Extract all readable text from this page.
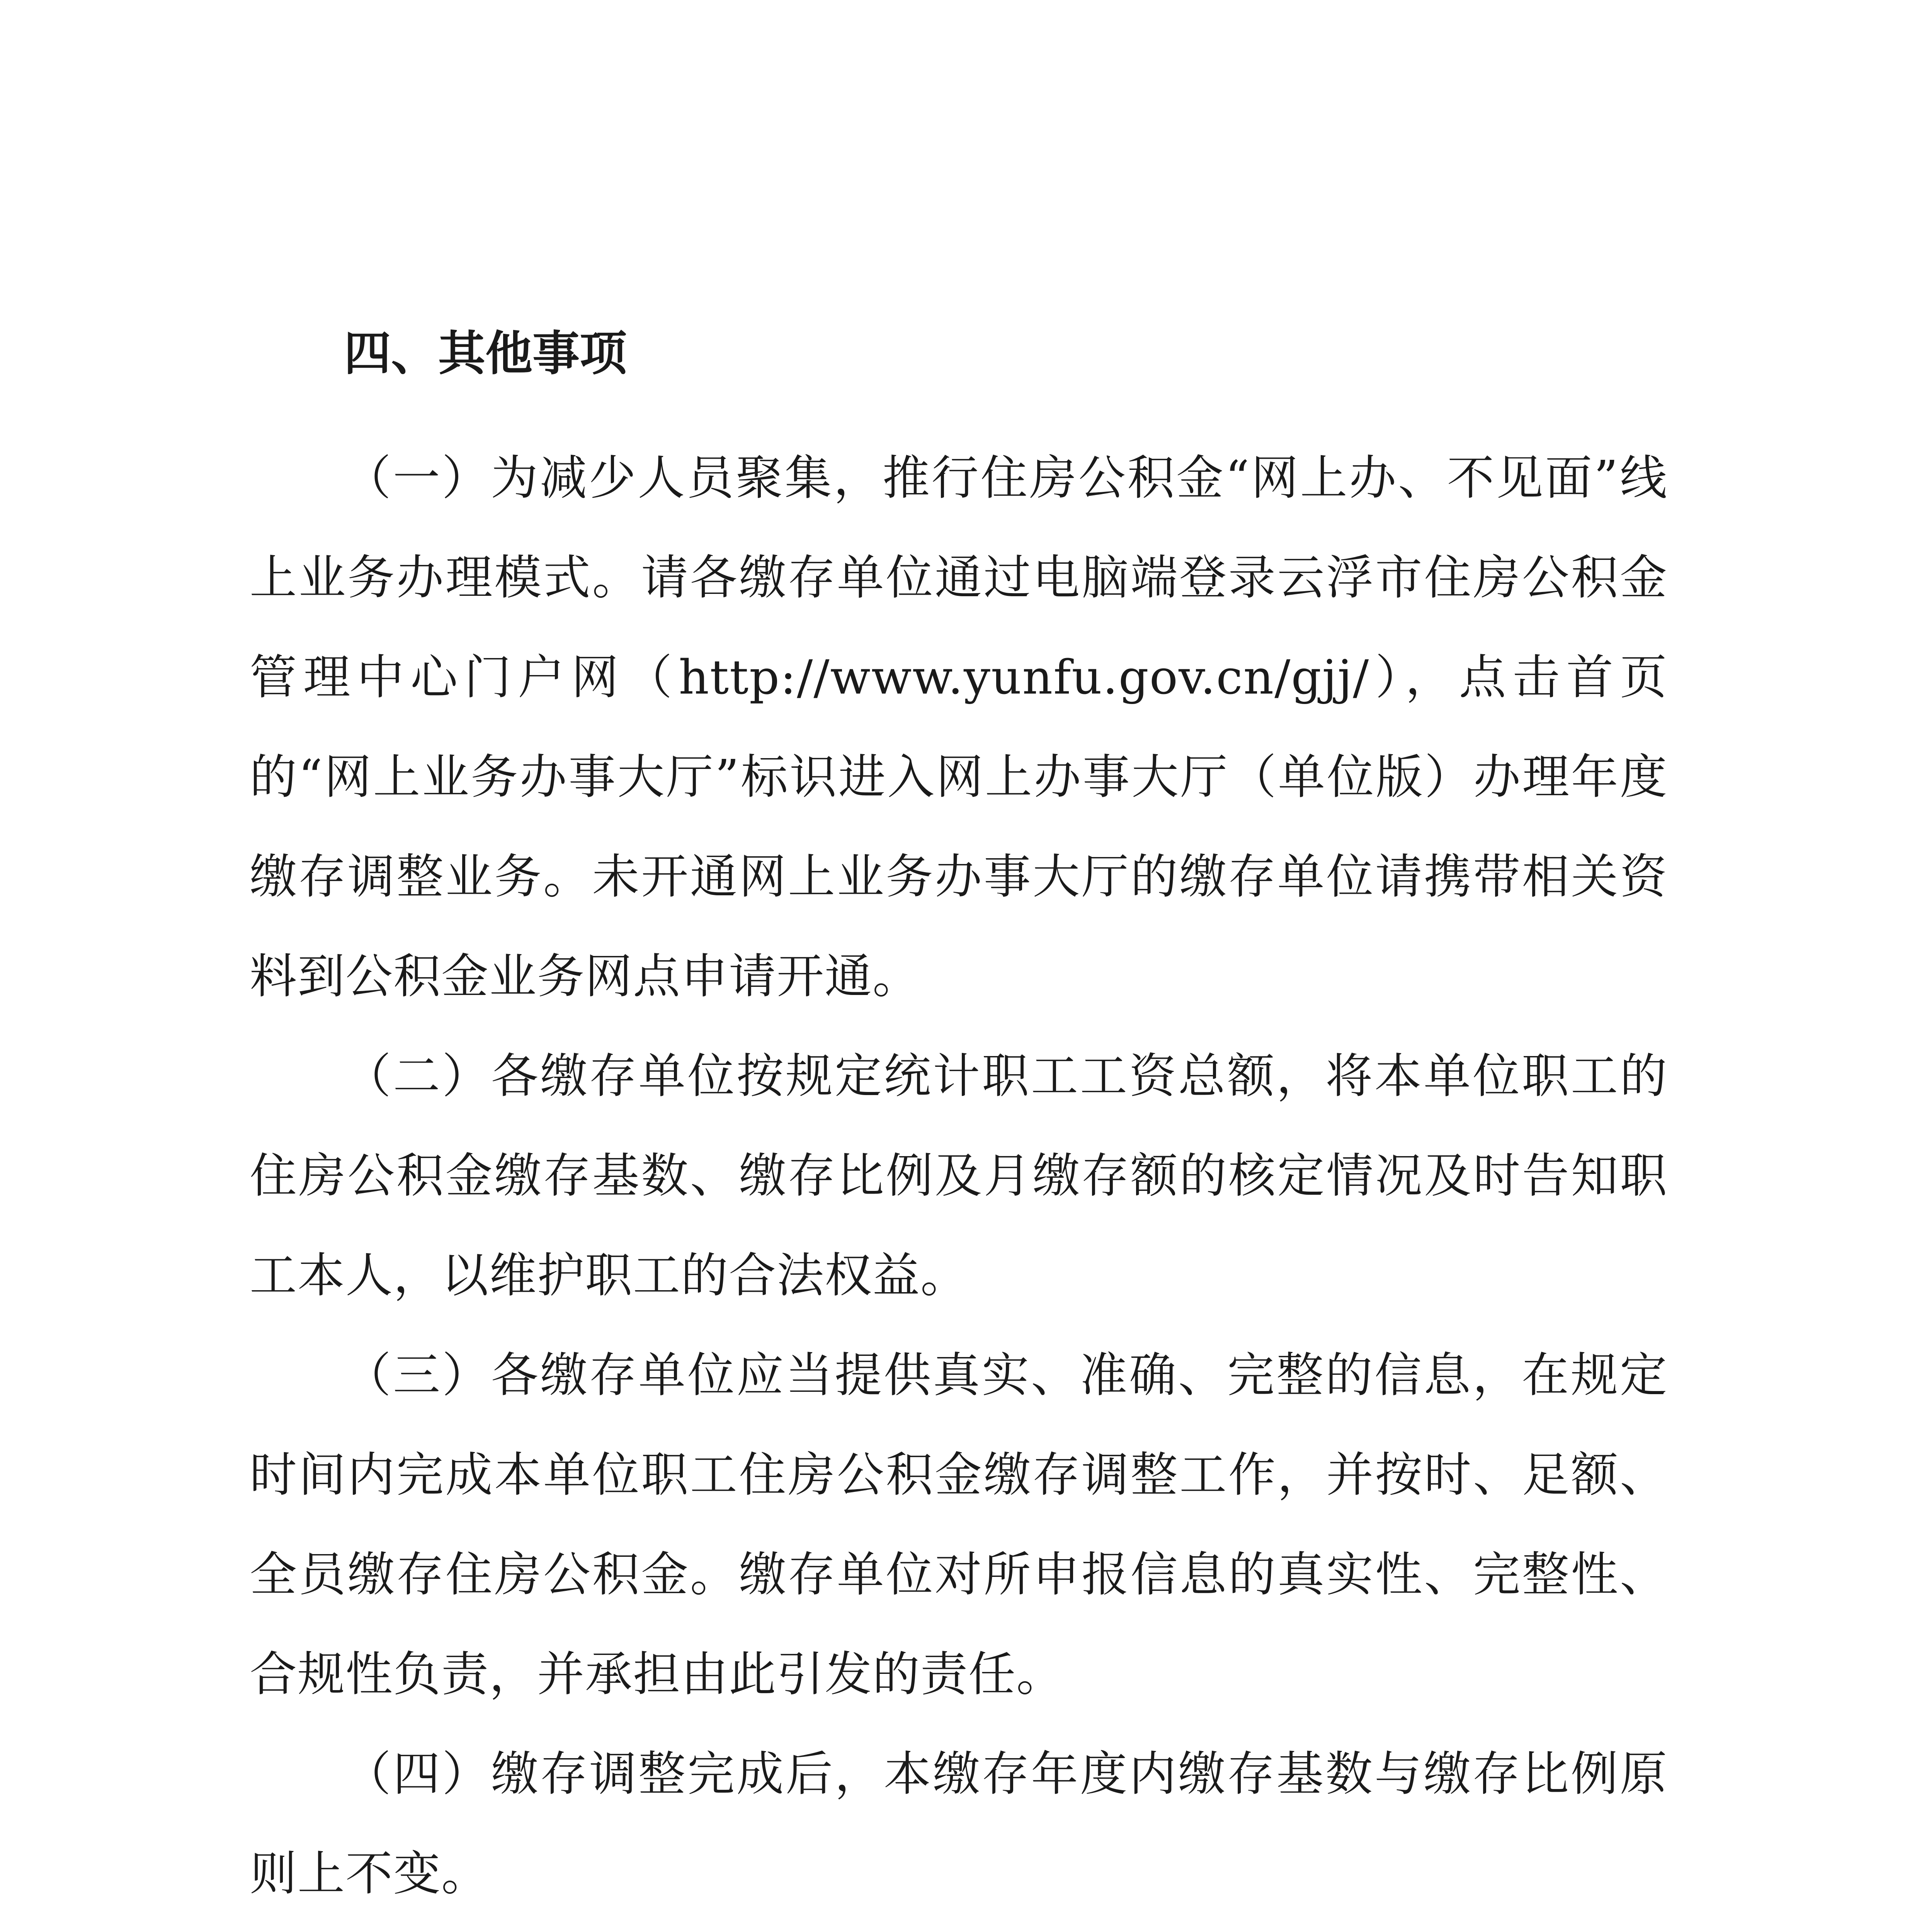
四、其他事项

（一）为减少人员聚集，推行住房公积金“网上办、不见面”线上业务办理模式。请各缴存单位通过电脑端登录云浮市住房公积金管理中心门户网（http://www.yunfu.gov.cn/gjj/），点击首页的“网上业务办事大厅”标识进入网上办事大厅（单位版）办理年度缴存调整业务。未开通网上业务办事大厅的缴存单位请携带相关资料到公积金业务网点申请开通。

（二）各缴存单位按规定统计职工工资总额，将本单位职工的住房公积金缴存基数、缴存比例及月缴存额的核定情况及时告知职工本人，以维护职工的合法权益。

（三）各缴存单位应当提供真实、准确、完整的信息，在规定时间内完成本单位职工住房公积金缴存调整工作，并按时、足额、全员缴存住房公积金。缴存单位对所申报信息的真实性、完整性、合规性负责，并承担由此引发的责任。

（四）缴存调整完成后，本缴存年度内缴存基数与缴存比例原则上不变。
